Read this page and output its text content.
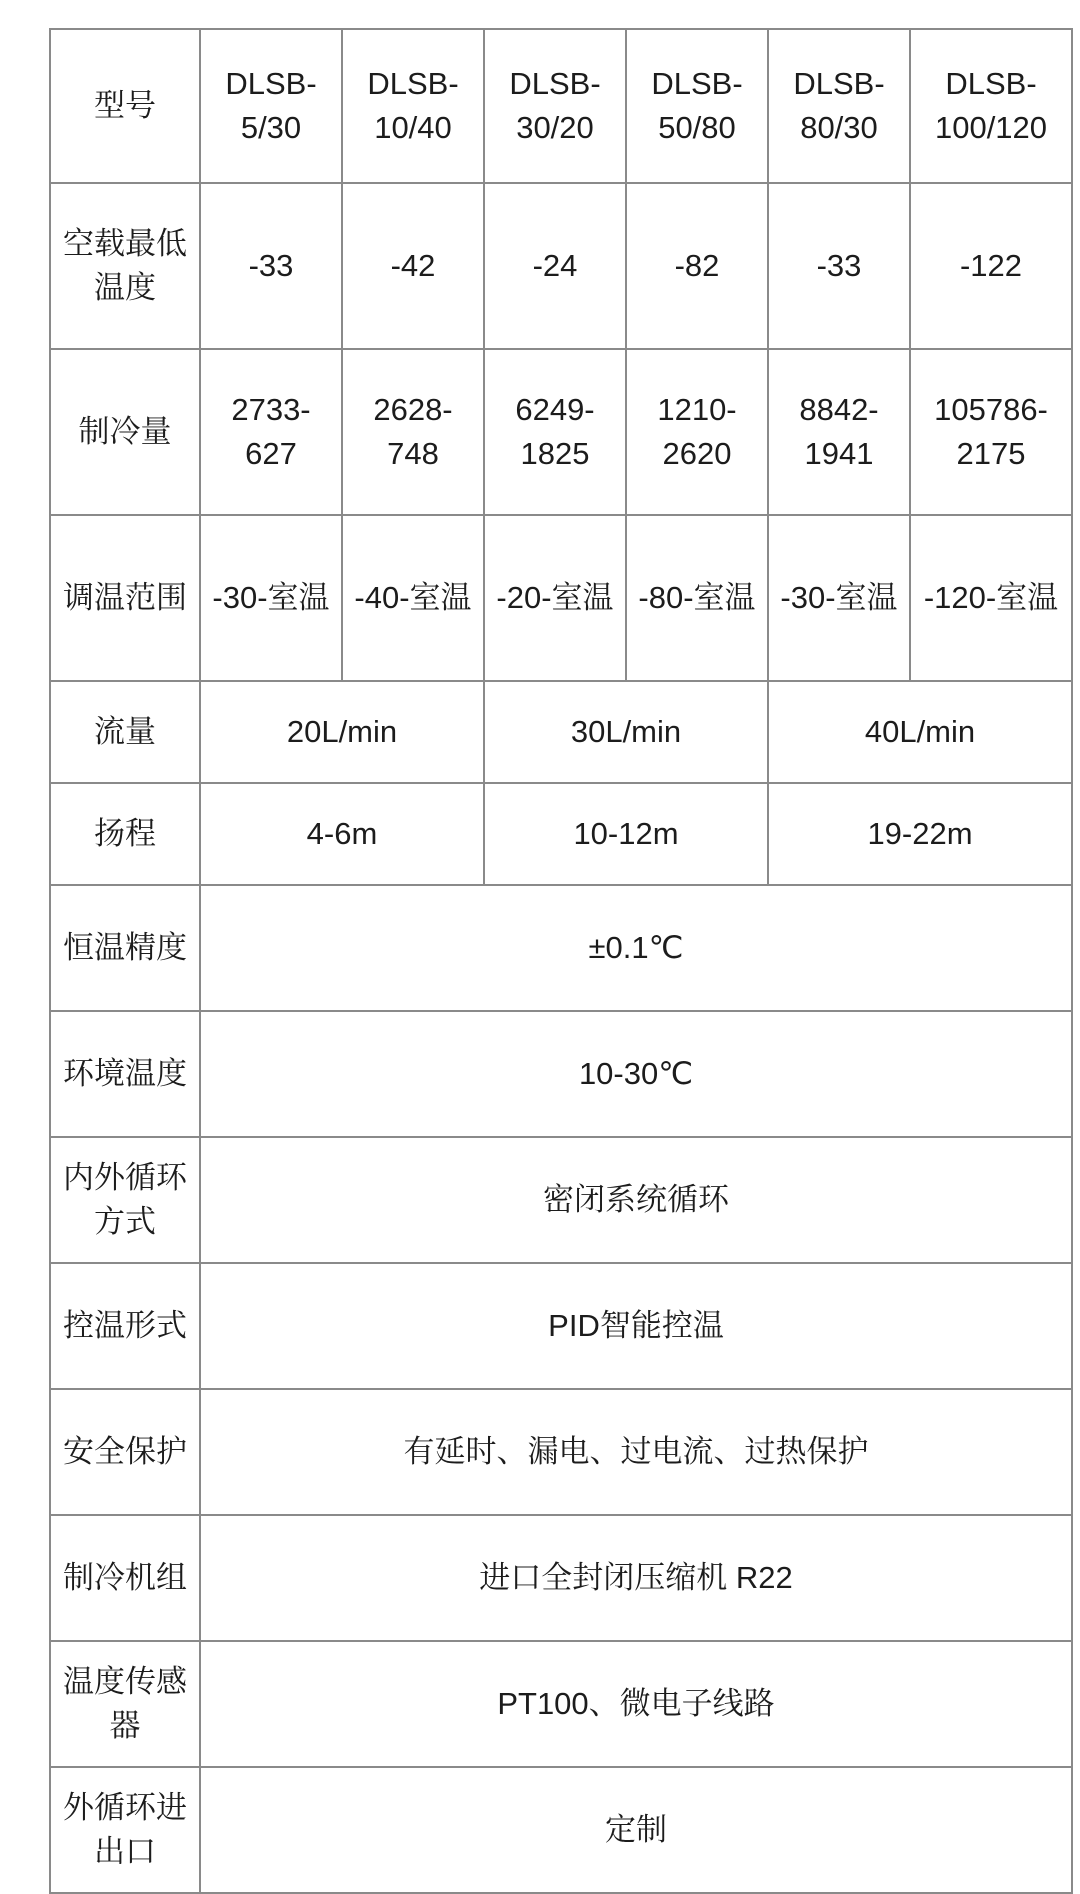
型号	DLSB-5/30	DLSB-10/40	DLSB-30/20	DLSB-50/80	DLSB-80/30	DLSB-100/120
空载最低温度	-33	-42	-24	-82	-33	-122
制冷量	2733-627	2628-748	6249-1825	1210-2620	8842-1941	105786-2175
调温范围	-30-室温	-40-室温	-20-室温	-80-室温	-30-室温	-120-室温
流量	20L/min		30L/min		40L/min	
扬程	4-6m		10-12m		19-22m	
恒温精度	±0.1℃					
环境温度	10-30℃					
内外循环方式	密闭系统循环					
控温形式	PID智能控温					
安全保护	有延时、漏电、过电流、过热保护					
制冷机组	进口全封闭压缩机 R22					
温度传感器	PT100、微电子线路					
外循环进出口	定制					
